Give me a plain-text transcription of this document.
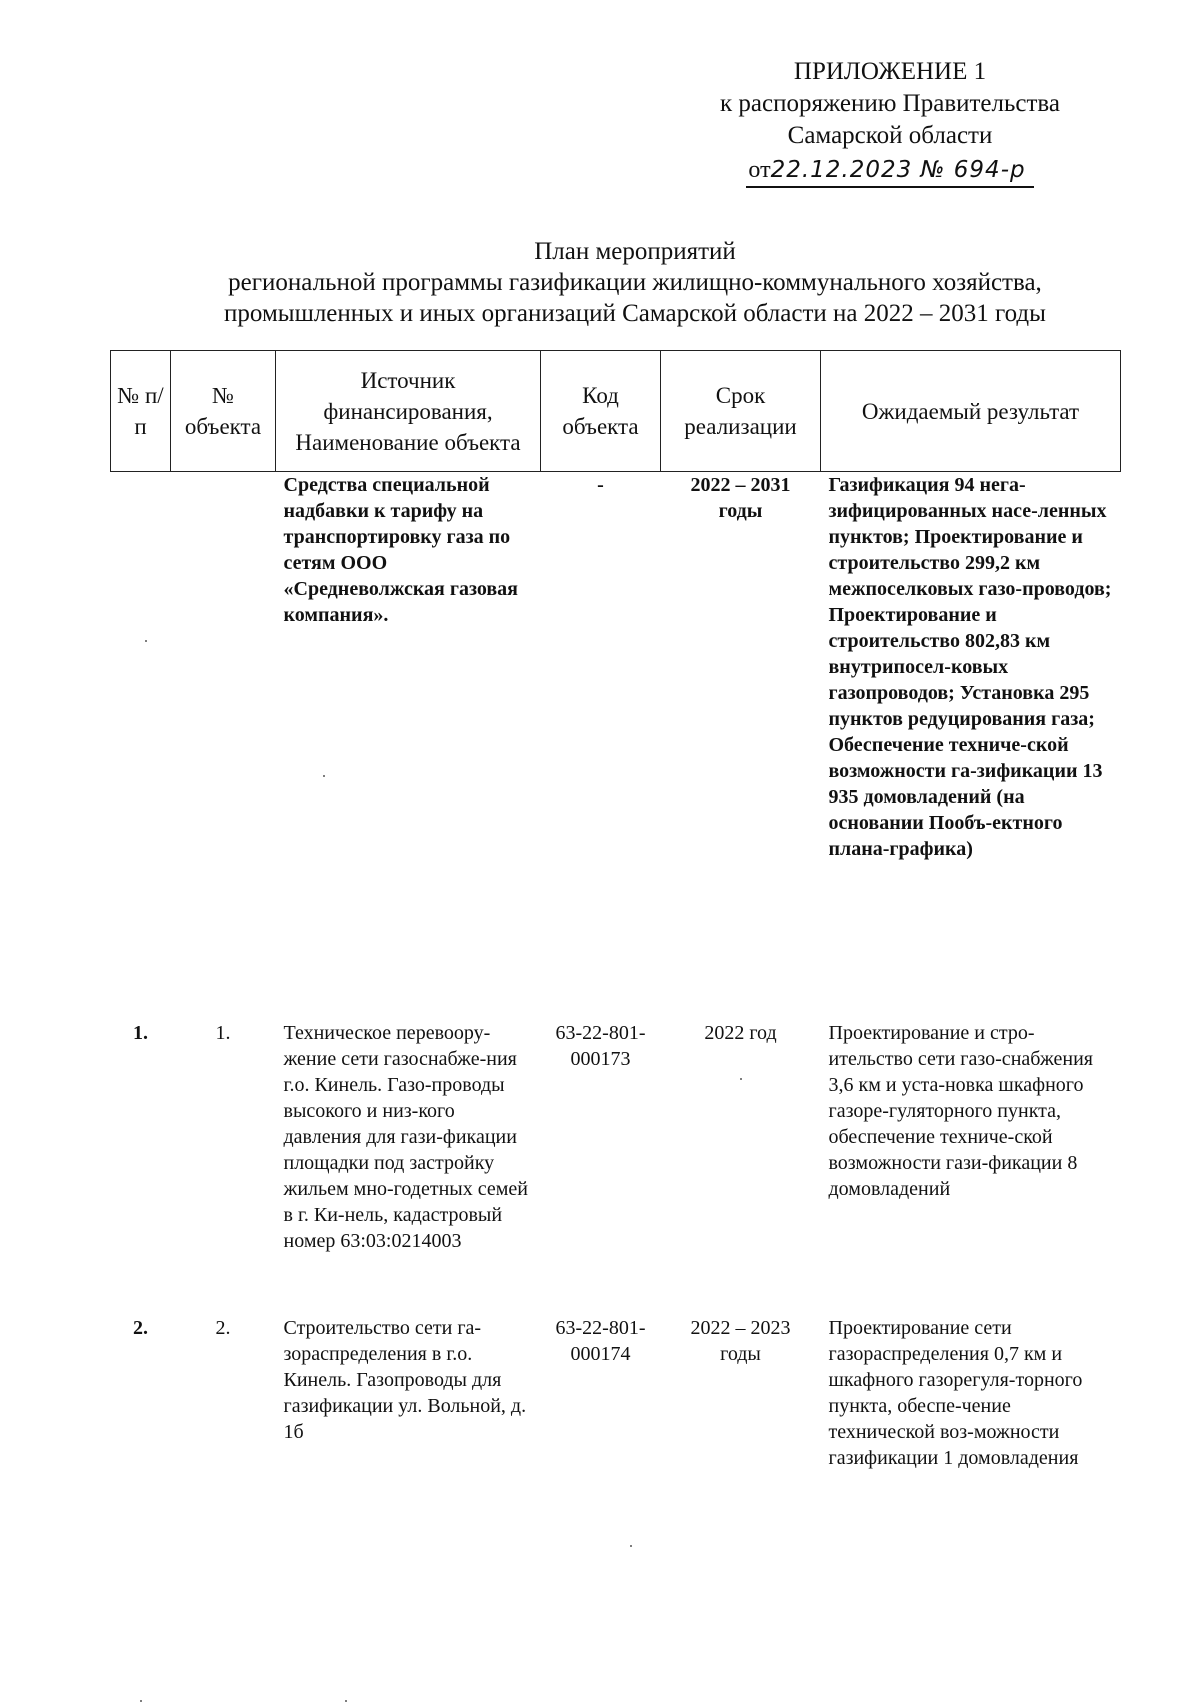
ПРИЛОЖЕНИЕ 1
к распоряжению Правительства
Самарской области
от22.12.2023 № 694-р
План мероприятий
региональной программы газификации жилищно-коммунального хозяйства,
промышленных и иных организаций Самарской области на 2022 – 2031 годы
№ п/п	№ объекта	Источник финансирования, Наименование объекта	Код объекта	Срок реализации	Ожидаемый результат
		Средства специальной надбавки к тарифу на транспортировку газа по сетям ООО «Средневолжская газовая компания».	-	2022 – 2031 годы	Газификация 94 нега-зифицированных насе-ленных пунктов; Проектирование и строительство 299,2 км межпоселковых газо-проводов; Проектирование и строительство 802,83 км внутрипосел-ковых газопроводов; Установка 295 пунктов редуцирования газа; Обеспечение техниче-ской возможности га-зификации 13 935 домовладений (на основании Пообъ-ектного плана-графика)
1.	1.	Техническое перевоору-жение сети газоснабже-ния г.о. Кинель. Газо-проводы высокого и низ-кого давления для гази-фикации площадки под застройку жильем мно-годетных семей в г. Ки-нель, кадастровый номер 63:03:0214003	63-22-801-000173	2022 год	Проектирование и стро-ительство сети газо-снабжения 3,6 км и уста-новка шкафного газоре-гуляторного пункта, обеспечение техниче-ской возможности гази-фикации 8 домовладений
2.	2.	Строительство сети га-зораспределения в г.о. Кинель. Газопроводы для газификации ул. Вольной, д. 1б	63-22-801-000174	2022 – 2023 годы	Проектирование сети газораспределения 0,7 км и шкафного газорегуля-торного пункта, обеспе-чение технической воз-можности газификации 1 домовладения
